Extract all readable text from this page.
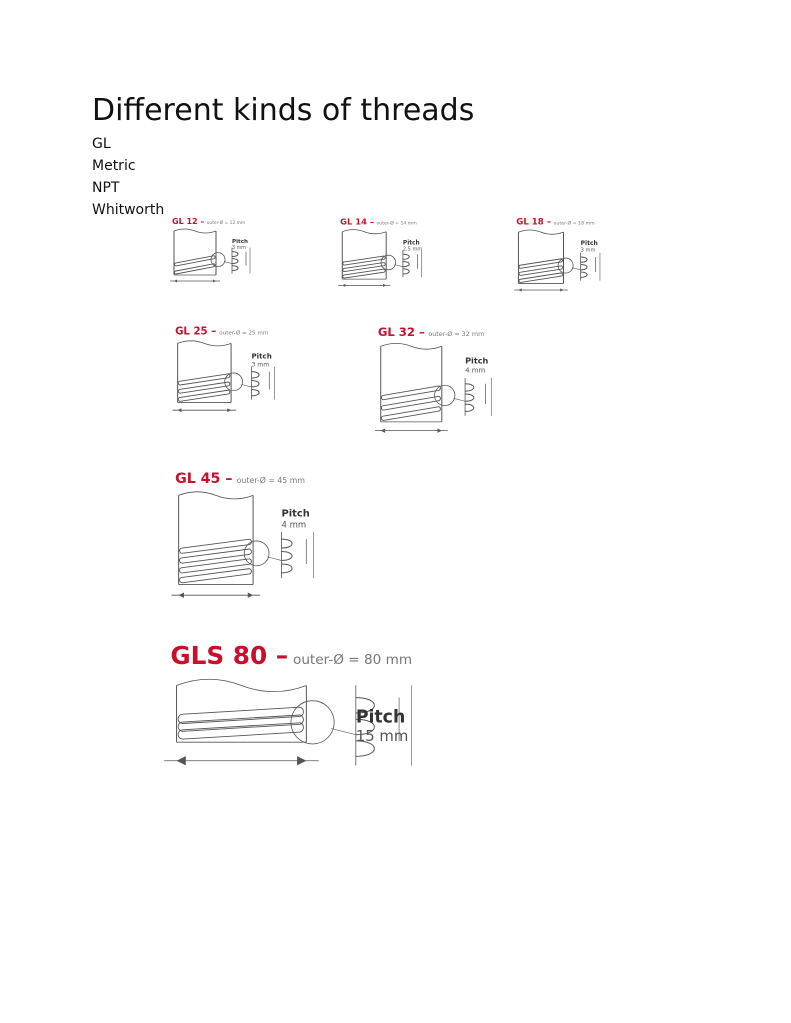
Different kinds of threads
GL
Metric
NPT
Whitworth
GL 12 – outer-Ø = 12 mm
Pitch
3 mm
GL 14 – outer-Ø = 14 mm
Pitch
2,5 mm
GL 18 – outer-Ø = 18 mm
Pitch
3 mm
GL 25 – outer-Ø = 25 mm
Pitch
3 mm
GL 32 – outer-Ø = 32 mm
Pitch
4 mm
GL 45 – outer-Ø = 45 mm
Pitch
4 mm
GLS 80 – outer-Ø = 80 mm
Pitch
15 mm
